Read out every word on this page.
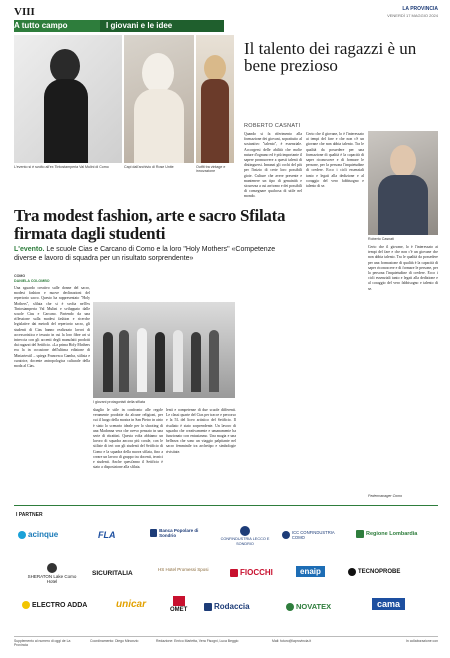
VIII	LA PROVINCIA
VENERDÌ 17 MAGGIO 2024
A tutto campo	I giovani e le idee
L'evento si è svolto all'ex Tintostamperia Val Mulini di Como	Capi dall'archivio di Rose Unite	Outfit tra vintage e innovazione
Il talento dei ragazzi è un bene prezioso
ROBERTO CASNATI

Quando si fa riferimento alla formazione dei giovani, soprattutto al sostantivo "talento", è essenziale. Accorgersi delle abilità che molte nature d'ognuno ed è più importante il sapere promuovere a questi talenti di distinguersi. Innanzi gli occhi del più per l'inizio di certe loro possibili gioie. Culture che avere presente e mantenere un tipo di genuinità e sicurezza a cui arrivano e dei possibili di consegnare qualcosa di utile nel mondo.

Certo che il giovane, lo è l'interessato ai tempi del fare e che non c'è un giovane che non abbia talento. Tra le qualità da possedere per una formazione di qualità è la capacità di saper riconoscere e di formare le persone, per la persona l'inquietudine di credere. Ecco i cicli essenziali tanto e legati alla dedizione e al coraggio del vero fabbisogno e talento di se.

Roberto Casnati

Certo che il giovane, lo è l'interessato ai tempi del fare e che non c'è un giovane che non abbia talento. Tra le qualità da possedere per una formazione di qualità è la capacità di saper riconoscere e di formare le persone, per la persona l'inquietudine di credere. Ecco i cicli essenziali tanto e legati alla dedizione e al coraggio del vero fabbisogno e talento di se.

Federmanager Como
Tra modest fashion, arte e sacro Sfilata firmata dagli studenti
L'evento. Le scuole Cias e Carcano di Como e la loro "Holy Mothers" «Competenze diverse e lavoro di squadra per un risultato sorprendente»
COMO
DANIELA COLOMBO

Una sguardo creativo sulle donne del sacro, modest fashion e nuove declinazioni del repertorio sacro. Questo ha rappresentato "Holy Mothers", sfilata che si è svolta nell'ex Tintostamperia Val Mulini e sviluppato dalle scuole Cias e Carcano. Partendo da una riflessione sulla modest fashion e ricerche legislative dai metodi del repertorio sacro, gli studenti di Cias hanno realizzato lavori di accessoristica e tessuto in cui la loro fibre art si intreccia con gli accenti degli manufatti prodotti dai ragazzi del Setificio. «La prima Holy Mothers era la in occasione dell'ultima edizione di Miniartextil – spiega Francesca Gamba, stilista e curatrice, docente antropologica culturale della moda al Cias.

I giovani protagonisti della sfilata

sbaglio le stile in confronto alle regole veramente prodotte da alcune religioni, per cui il luogo della mostra in San Pietro in atrio è stato lo scenario ideale per lo shooting di una Madonna vera che avevo pensato in una serie di ritrattini. Questa volta abbiamo un lavoro di squadra ancora più corale, con le stiliste di ieri con gli studenti del Setificio di Como e la squadra della nuova sfilata, fino a creare un lavoro di gruppo tra docenti, tecnici e studenti. Anche quest'anno il Setificio è stato a disposizione alla sfilata.

lenti e competenze di due scuole differenti. Le classi quarte del Cias per tracce e percorso e la 5L del liceo artistico del Setificio. Il risultato è stato sorprendente. Un lavoro di squadra che creativamente e umanamente ha funzionato con entusiasmo. Una magia e una bellezza che sono un viaggio palpitante nel sacro femminile tra archetipo e simbologie rivisitate.

I PARTNER
acinque	FLA	Banca Popolare di Sondrio
CONFINDUSTRIA LECCO E SONDRIO
ICC CONFINDUSTRIA COMO
Regione Lombardia
SHERATON Lake Como Hotel
SICURITALIA
HS Hotel Promessi Sposi	FIOCCHI	enaip	TECNOPROBE
ELECTRO ADDA	unicar	OMET	Rodaccia	NOVATEX	cama
Supplemento al numero di oggi de La Provincia
Coordinamento: Diego Minonzio	Redazione: Enrico Marletta, Vera Fisogni, Luca Beggio	Mail: futuro@laprovincia.it	In collaborazione con
